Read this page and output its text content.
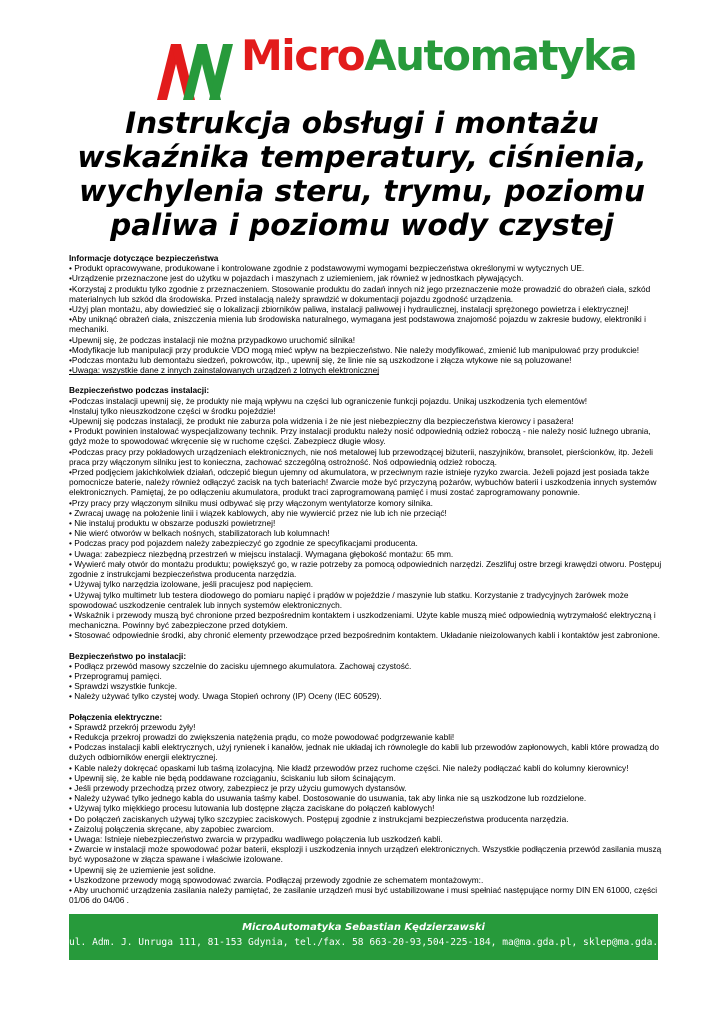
MicroAutomatyka
Instrukcja obsługi i montażu wskaźnika temperatury, ciśnienia, wychylenia steru, trymu, poziomu paliwa i poziomu wody czystej
Informacje dotyczące bezpieczeństwa
• Produkt opracowywane, produkowane i kontrolowane zgodnie z podstawowymi wymogami bezpieczeństwa określonymi w wytycznych UE.
•Urządzenie przeznaczone jest do użytku w pojazdach i maszynach z uziemieniem, jak również w jednostkach pływających.
•Korzystaj z produktu tylko zgodnie z przeznaczeniem. Stosowanie produktu do zadań innych niż jego przeznaczenie może prowadzić do obrażeń ciała, szkód materialnych lub szkód dla środowiska. Przed instalacją należy sprawdzić w dokumentacji pojazdu zgodność urządzenia.
•Użyj plan montażu, aby dowiedzieć się o lokalizacji zbiorników paliwa, instalacji paliwowej i hydraulicznej, instalacji sprężonego powietrza i elektrycznej!
•Aby uniknąć obrażeń ciała, zniszczenia mienia lub środowiska naturalnego, wymagana jest podstawowa znajomość pojazdu w zakresie budowy, elektroniki i mechaniki.
•Upewnij się, że podczas instalacji nie można przypadkowo uruchomić silnika!
•Modyfikacje lub manipulacji przy produkcie VDO mogą mieć wpływ na bezpieczeństwo. Nie należy modyfikować, zmienić lub manipulować przy produkcie!
•Podczas montażu lub demontażu siedzeń, pokrowców, itp., upewnij się, że linie nie są uszkodzone i złącza wtykowe nie są poluzowane!
•Uwaga: wszystkie dane z innych zainstalowanych urządzeń z lotnych elektronicznej
Bezpieczeństwo podczas instalacji:
•Podczas instalacji upewnij się, że produkty nie mają wpływu na części lub ograniczenie funkcji pojazdu. Unikaj uszkodzenia tych elementów!
•Instaluj tylko nieuszkodzone części w środku pojeździe!
•Upewnij się podczas instalacji, że produkt nie zaburza pola widzenia i że nie jest niebezpieczny dla bezpieczeństwa kierowcy i pasażera!
• Produkt powinien instalować wyspecjalizowany technik. Przy instalacji produktu należy nosić odpowiednią odzież roboczą - nie należy nosić luźnego ubrania, gdyż może to spowodować wkręcenie się w ruchome części. Zabezpiecz długie włosy.
•Podczas pracy przy pokładowych urządzeniach elektronicznych, nie noś metalowej lub przewodzącej biżuterii, naszyjników, bransolet, pierścionków, itp. Jeżeli praca przy włączonym silniku jest to konieczna, zachować szczególną ostrożność. Noś odpowiednią odzież roboczą.
•Przed podjęciem jakichkolwiek działań, odczepić biegun ujemny od akumulatora, w przeciwnym razie istnieje ryzyko zwarcia. Jeżeli pojazd jest posiada także pomocnicze baterie, należy również odłączyć zacisk na tych bateriach! Zwarcie może być przyczyną pożarów, wybuchów baterii i uszkodzenia innych systemów elektronicznych. Pamiętaj, że po odłączeniu akumulatora, produkt traci zaprogramowaną pamięć i musi zostać zaprogramowany ponownie.
•Przy pracy przy włączonym silniku musi odbywać się przy włączonym wentylatorze komory silnika.
• Zwracaj uwagę na położenie linii i wiązek kablowych, aby nie wywiercić przez nie lub ich nie przeciąć!
• Nie instaluj produktu w obszarze poduszki powietrznej!
• Nie wierć otworów w belkach nośnych, stabilizatorach lub kolumnach!
• Podczas pracy pod pojazdem należy zabezpieczyć go zgodnie ze specyfikacjami producenta.
• Uwaga: zabezpiecz niezbędną przestrzeń w miejscu instalacji. Wymagana głębokość montażu: 65 mm.
• Wywierć mały otwór do montażu produktu; powiększyć go, w razie potrzeby za pomocą odpowiednich narzędzi. Zeszlifuj ostre brzegi krawędzi otworu. Postępuj zgodnie z instrukcjami bezpieczeństwa producenta narzędzia.
• Używaj tylko narzędzia izolowane, jeśli pracujesz pod napięciem.
• Używaj tylko multimetr lub testera diodowego do pomiaru napięć i prądów w pojeździe / maszynie lub statku. Korzystanie z tradycyjnych żarówek może spowodować uszkodzenie centralek lub innych systemów elektronicznych.
• Wskaźnik i przewody muszą być chronione przed bezpośrednim kontaktem i uszkodzeniami. Użyte kable muszą mieć odpowiednią wytrzymałość elektryczną i mechaniczna. Powinny być zabezpieczone przed dotykiem.
• Stosować odpowiednie środki, aby chronić elementy przewodzące przed bezpośrednim kontaktem. Układanie nieizolowanych kabli i kontaktów jest zabronione.
Bezpieczeństwo po instalacji:
• Podłącz przewód masowy szczelnie do zacisku ujemnego akumulatora. Zachowaj czystość.
• Przeprogramuj pamięci.
• Sprawdzi wszystkie funkcje.
• Należy używać tylko czystej wody. Uwaga Stopień ochrony (IP) Oceny (IEC 60529).
Połączenia elektryczne:
• Sprawdź przekrój przewodu żyły!
• Redukcja przekroj prowadzi do zwiększenia natężenia prądu, co może powodować podgrzewanie kabli!
• Podczas instalacji kabli elektrycznych, użyj rynienek i kanałów, jednak nie układaj ich równolegle do kabli lub przewodów zapłonowych, kabli które prowadzą do dużych odbiorników energii elektrycznej.
• Kable należy dokręcać opaskami lub taśmą izolacyjną. Nie kładź przewodów przez ruchome części. Nie należy podłączać kabli do kolumny kierownicy!
• Upewnij się, że kable nie będą poddawane rozciąganiu, ściskaniu lub siłom ścinającym.
• Jeśli przewody przechodzą przez otwory, zabezpiecz je przy użyciu gumowych dystansów.
• Należy używać tylko jednego kabla do usuwania taśmy kabel. Dostosowanie do usuwania, tak aby linka nie są uszkodzone lub rozdzielone.
• Używaj tylko miękkiego procesu lutowania lub dostępne złącza zaciskane do połączeń kablowych!
• Do połączeń zaciskanych używaj tylko szczypiec zaciskowych. Postępuj zgodnie z instrukcjami bezpieczeństwa producenta narzędzia.
• Zaizoluj połączenia skręcane, aby zapobiec zwarciom.
• Uwaga: Istnieje niebezpieczeństwo zwarcia w przypadku wadliwego połączenia lub uszkodzeń kabli.
• Zwarcie w instalacji może spowodować pożar baterii, eksplozji i uszkodzenia innych urządzeń elektronicznych. Wszystkie podłączenia przewód zasilania muszą być wyposażone w złącza spawane i właściwie izolowane.
• Upewnij się że uziemienie jest solidne.
• Uszkodzone przewody mogą spowodować zwarcia. Podłączaj przewody zgodnie ze schematem montażowym:.
• Aby uruchomić urządzenia zasilania należy pamiętać, że zasilanie urządzeń musi być ustabilizowane i musi spełniać następujące normy DIN EN 61000, części 01/06 do 04/06 .
MicroAutomatyka Sebastian Kędzierzawski
ul. Adm. J. Unruga 111, 81-153 Gdynia, tel./fax. 58 663-20-93,504-225-184, ma@ma.gda.pl, sklep@ma.gda.pl
